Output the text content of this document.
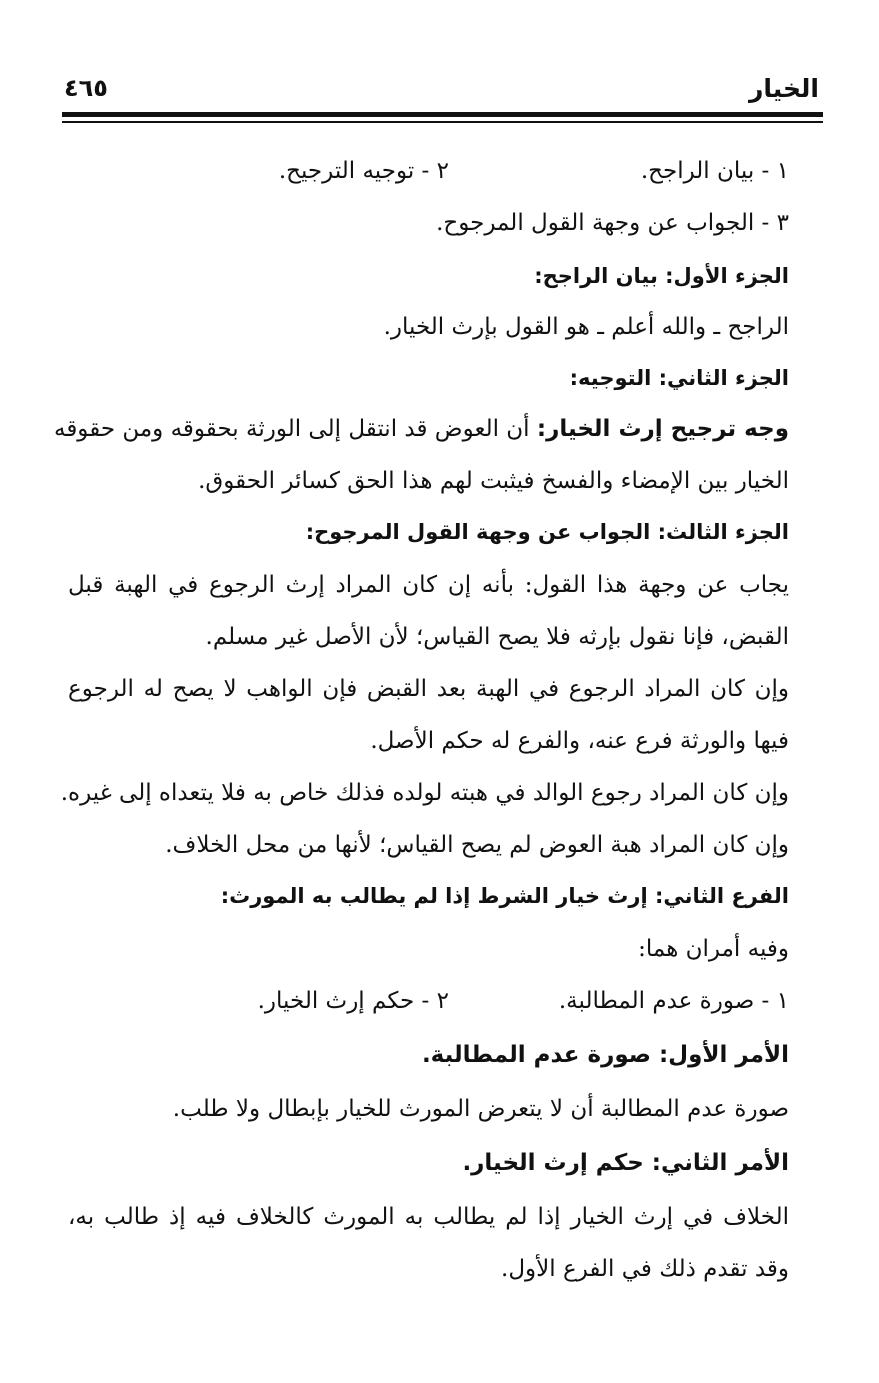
الخيار
٤٦٥
١ - بيان الراجح.
٢ - توجيه الترجيح.
٣ - الجواب عن وجهة القول المرجوح.
الجزء الأول: بيان الراجح:
الراجح ـ والله أعلم ـ هو القول بإرث الخيار.
الجزء الثاني: التوجيه:
وجه ترجيح إرث الخيار: أن العوض قد انتقل إلى الورثة بحقوقه ومن حقوقه
الخيار بين الإمضاء والفسخ فيثبت لهم هذا الحق كسائر الحقوق.
الجزء الثالث: الجواب عن وجهة القول المرجوح:
يجاب عن وجهة هذا القول: بأنه إن كان المراد إرث الرجوع في الهبة قبل
القبض، فإنا نقول بإرثه فلا يصح القياس؛ لأن الأصل غير مسلم.
وإن كان المراد الرجوع في الهبة بعد القبض فإن الواهب لا يصح له الرجوع
فيها والورثة فرع عنه، والفرع له حكم الأصل.
وإن كان المراد رجوع الوالد في هبته لولده فذلك خاص به فلا يتعداه إلى غيره.
وإن كان المراد هبة العوض لم يصح القياس؛ لأنها من محل الخلاف.
الفرع الثاني: إرث خيار الشرط إذا لم يطالب به المورث:
وفيه أمران هما:
١ - صورة عدم المطالبة.
٢ - حكم إرث الخيار.
الأمر الأول: صورة عدم المطالبة.
صورة عدم المطالبة أن لا يتعرض المورث للخيار بإبطال ولا طلب.
الأمر الثاني: حكم إرث الخيار.
الخلاف في إرث الخيار إذا لم يطالب به المورث كالخلاف فيه إذ طالب به،
وقد تقدم ذلك في الفرع الأول.
